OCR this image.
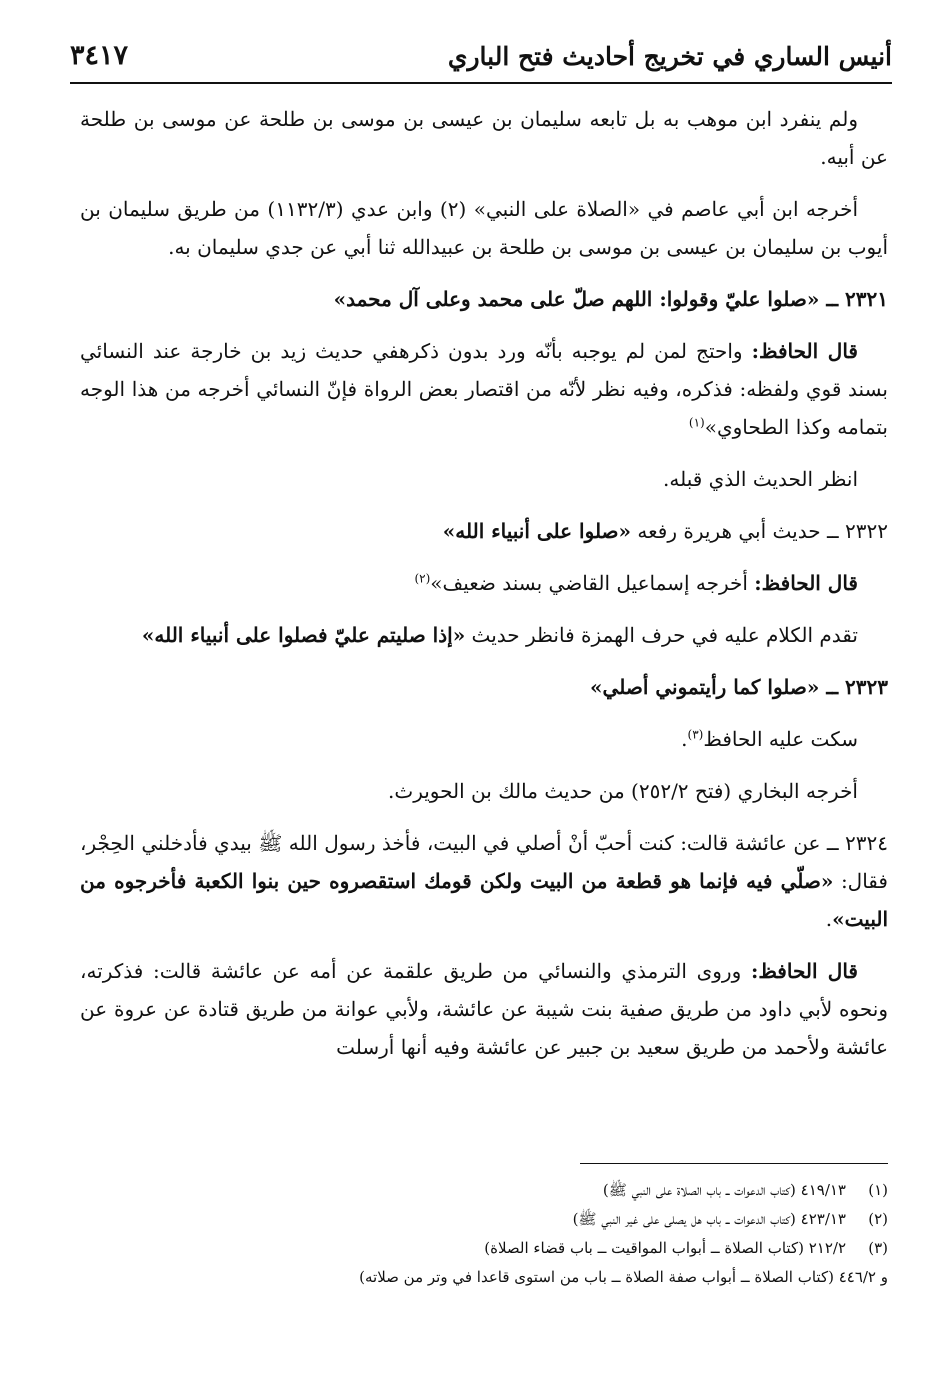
أنيس الساري في تخريج أحاديث فتح الباري
٣٤١٧

ولم ينفرد ابن موهب به بل تابعه سليمان بن عيسى بن موسى بن طلحة عن موسى بن طلحة عن أبيه.

أخرجه ابن أبي عاصم في «الصلاة على النبي» (٢) وابن عدي (١١٣٢/٣) من طريق سليمان بن أيوب بن سليمان بن عيسى بن موسى بن طلحة بن عبيدالله ثنا أبي عن جدي سليمان به.

٢٣٢١ ــ «صلوا عليّ وقولوا: اللهم صلّ على محمد وعلى آل محمد»

قال الحافظ: واحتج لمن لم يوجبه بأنّه ورد بدون ذكرهفي حديث زيد بن خارجة عند النسائي بسند قوي ولفظه: فذكره، وفيه نظر لأنّه من اقتصار بعض الرواة فإنّ النسائي أخرجه من هذا الوجه بتمامه وكذا الطحاوي»$^{(١)}$

انظر الحديث الذي قبله.

٢٣٢٢ ــ حديث أبي هريرة رفعه «صلوا على أنبياء الله»

قال الحافظ: أخرجه إسماعيل القاضي بسند ضعيف»$^{(٢)}$

تقدم الكلام عليه في حرف الهمزة فانظر حديث «إذا صليتم عليّ فصلوا على أنبياء الله»

٢٣٢٣ ــ «صلوا كما رأيتموني أصلي»

سكت عليه الحافظ$^{(٣)}$.

أخرجه البخاري (فتح ٢٥٢/٢) من حديث مالك بن الحويرث.

٢٣٢٤ ــ عن عائشة قالت: كنت أحبّ أنْ أصلي في البيت، فأخذ رسول الله ﷺ بيدي فأدخلني الحِجْر، فقال: «صلّي فيه فإنما هو قطعة من البيت ولكن قومك استقصروه حين بنوا الكعبة فأخرجوه من البيت».

قال الحافظ: وروى الترمذي والنسائي من طريق علقمة عن أمه عن عائشة قالت: فذكرته، ونحوه لأبي داود من طريق صفية بنت شيبة عن عائشة، ولأبي عوانة من طريق قتادة عن عروة عن عائشة ولأحمد من طريق سعيد بن جبير عن عائشة وفيه أنها أرسلت

(١)٤١٩/١٣ (كتاب الدعوات ــ باب الصلاة على النبي ﷺ)
(٢)٤٢٣/١٣ (كتاب الدعوات ــ باب هل يصلى على غير النبي ﷺ)
(٣)٢١٢/٢ (كتاب الصلاة ــ أبواب المواقيت ــ باب قضاء الصلاة)
و ٤٤٦/٢ (كتاب الصلاة ــ أبواب صفة الصلاة ــ باب من استوى قاعدا في وتر من صلاته)
